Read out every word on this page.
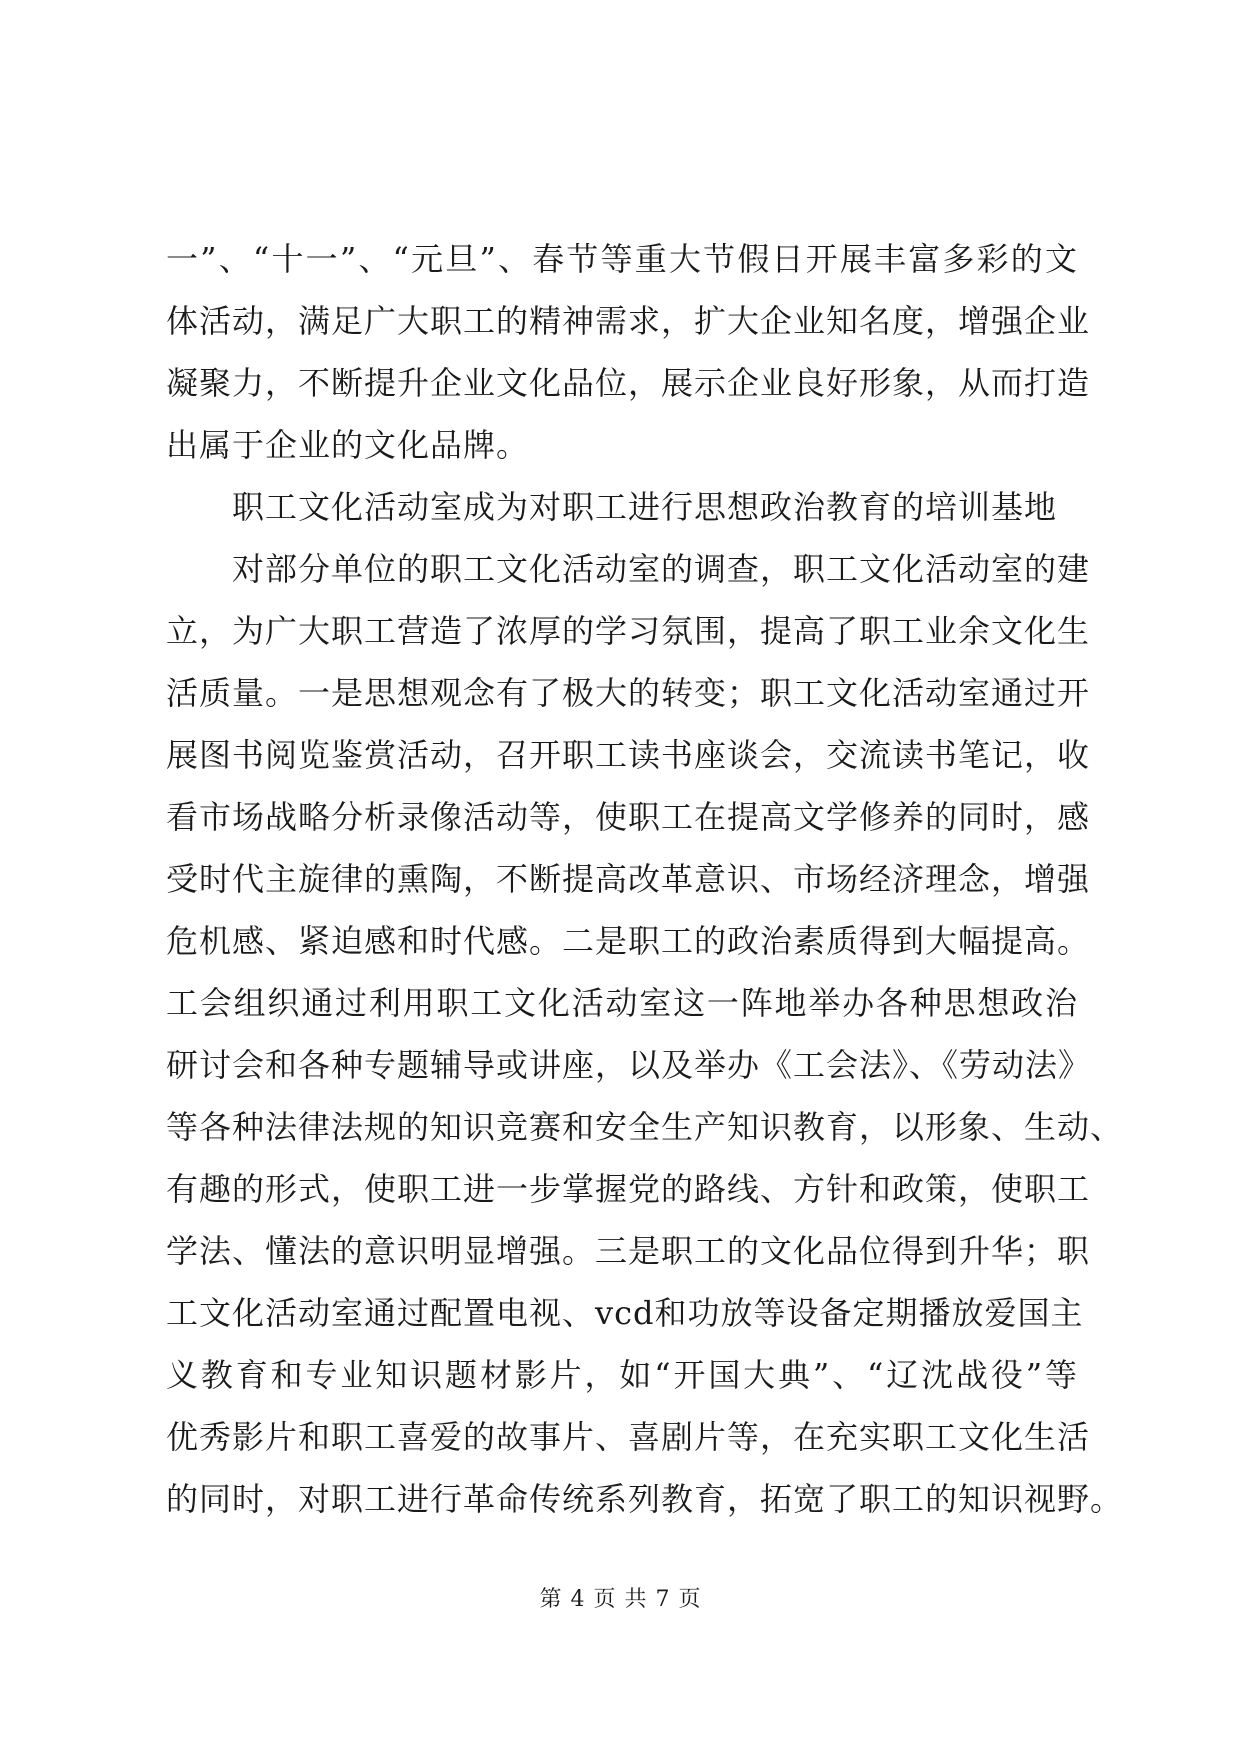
一”、“十一”、“元旦”、春节等重大节假日开展丰富多彩的文
体活动，满足广大职工的精神需求，扩大企业知名度，增强企业
凝聚力，不断提升企业文化品位，展示企业良好形象，从而打造
出属于企业的文化品牌。
职工文化活动室成为对职工进行思想政治教育的培训基地
对部分单位的职工文化活动室的调查，职工文化活动室的建
立，为广大职工营造了浓厚的学习氛围，提高了职工业余文化生
活质量。一是思想观念有了极大的转变；职工文化活动室通过开
展图书阅览鉴赏活动，召开职工读书座谈会，交流读书笔记，收
看市场战略分析录像活动等，使职工在提高文学修养的同时，感
受时代主旋律的熏陶，不断提高改革意识、市场经济理念，增强
危机感、紧迫感和时代感。二是职工的政治素质得到大幅提高。
工会组织通过利用职工文化活动室这一阵地举办各种思想政治
研讨会和各种专题辅导或讲座，以及举办《工会法》、《劳动法》
等各种法律法规的知识竞赛和安全生产知识教育，以形象、生动、
有趣的形式，使职工进一步掌握党的路线、方针和政策，使职工
学法、懂法的意识明显增强。三是职工的文化品位得到升华；职
工文化活动室通过配置电视、vcd和功放等设备定期播放爱国主
义教育和专业知识题材影片，如“开国大典”、“辽沈战役”等
优秀影片和职工喜爱的故事片、喜剧片等，在充实职工文化生活
的同时，对职工进行革命传统系列教育，拓宽了职工的知识视野。
第 4 页 共 7 页
